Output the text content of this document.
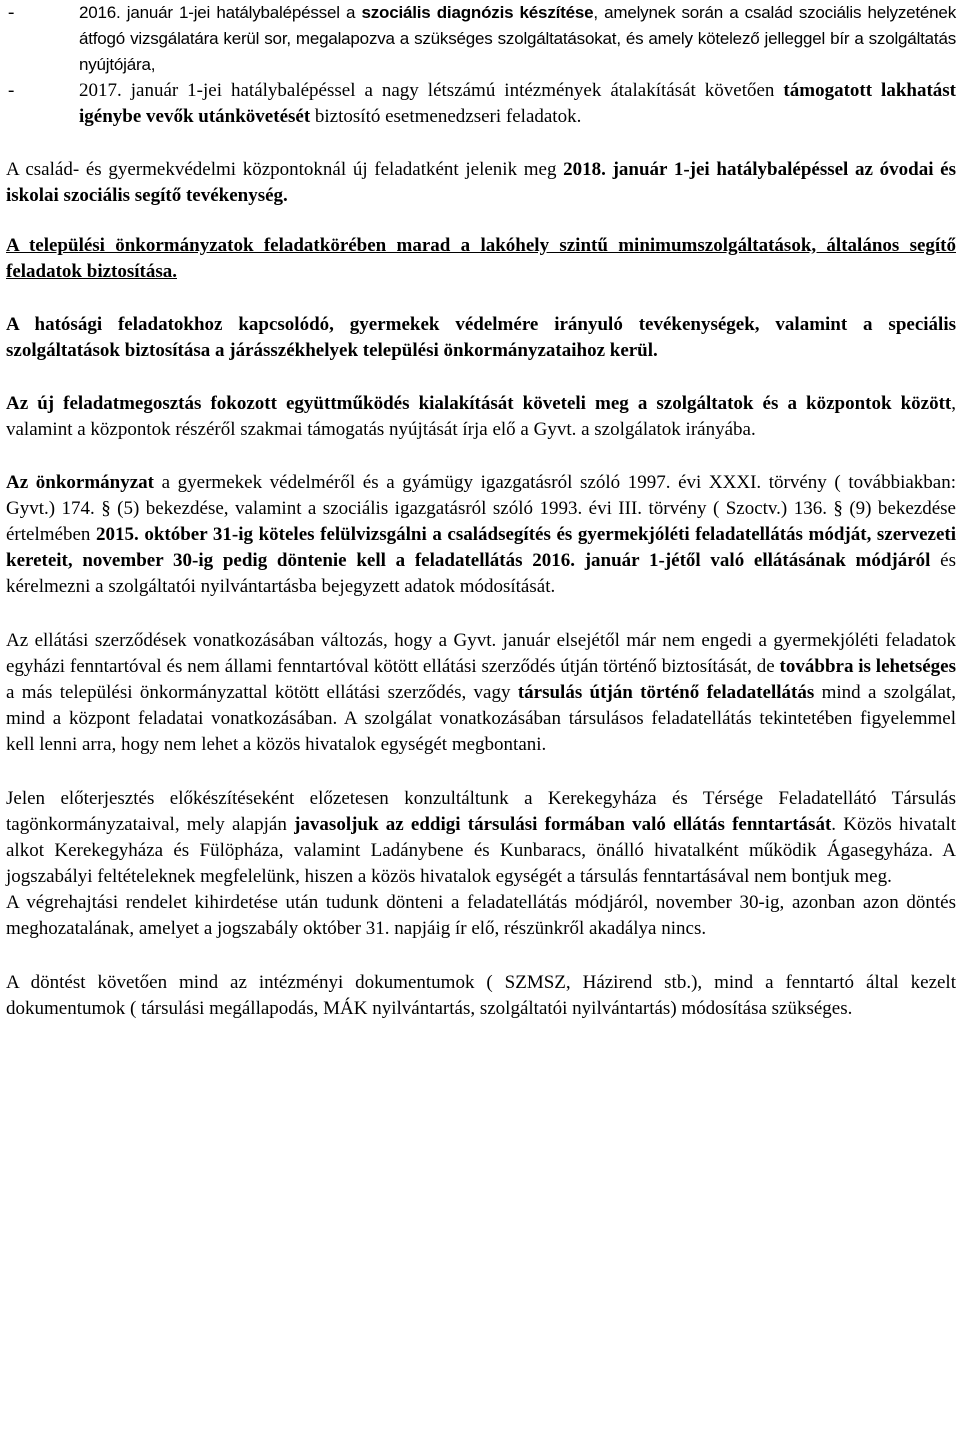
-	2016. január 1-jei hatálybalépéssel a szociális diagnózis készítése, amelynek során a család szociális helyzetének átfogó vizsgálatára kerül sor, megalapozva a szükséges szolgáltatásokat, és amely kötelező jelleggel bír a szolgáltatás nyújtójára,
-	2017. január 1-jei hatálybalépéssel a nagy létszámú intézmények átalakítását követően támogatott lakhatást igénybe vevők utánkövetését biztosító esetmenedzseri feladatok.

A család- és gyermekvédelmi központoknál új feladatként jelenik meg 2018. január 1-jei hatálybalépéssel az óvodai és iskolai szociális segítő tevékenység.

A települési önkormányzatok feladatkörében marad a lakóhely szintű minimumszolgáltatások, általános segítő feladatok biztosítása.

A hatósági feladatokhoz kapcsolódó, gyermekek védelmére irányuló tevékenységek, valamint a speciális szolgáltatások biztosítása a járásszékhelyek települési önkormányzataihoz kerül.

Az új feladatmegosztás fokozott együttműködés kialakítását követeli meg a szolgáltatok és a központok között, valamint a központok részéről szakmai támogatás nyújtását írja elő a Gyvt. a szolgálatok irányába.

Az önkormányzat a gyermekek védelméről és a gyámügy igazgatásról szóló 1997. évi XXXI. törvény ( továbbiakban: Gyvt.) 174. § (5) bekezdése, valamint a szociális igazgatásról szóló 1993. évi III. törvény ( Szoctv.) 136. § (9) bekezdése értelmében 2015. október 31-ig köteles felülvizsgálni a családsegítés és gyermekjóléti feladatellátás módját, szervezeti kereteit, november 30-ig pedig döntenie kell a feladatellátás 2016. január 1-jétől való ellátásának módjáról és kérelmezni a szolgáltatói nyilvántartásba bejegyzett adatok módosítását.

Az ellátási szerződések vonatkozásában változás, hogy a Gyvt. január elsejétől már nem engedi a gyermekjóléti feladatok egyházi fenntartóval és nem állami fenntartóval kötött ellátási szerződés útján történő biztosítását, de továbbra is lehetséges a más települési önkormányzattal kötött ellátási szerződés, vagy társulás útján történő feladatellátás mind a szolgálat, mind a központ feladatai vonatkozásában. A szolgálat vonatkozásában társulásos feladatellátás tekintetében figyelemmel kell lenni arra, hogy nem lehet a közös hivatalok egységét megbontani.

Jelen előterjesztés előkészítéseként előzetesen konzultáltunk a Kerekegyháza és Térsége Feladatellátó Társulás tagönkormányzataival, mely alapján javasoljuk az eddigi társulási formában való ellátás fenntartását. Közös hivatalt alkot Kerekegyháza és Fülöpháza, valamint Ladánybene és Kunbaracs, önálló hivatalként működik Ágasegyháza. A jogszabályi feltételeknek megfelelünk, hiszen a közös hivatalok egységét a társulás fenntartásával nem bontjuk meg.

A végrehajtási rendelet kihirdetése után tudunk dönteni a feladatellátás módjáról, november 30-ig, azonban azon döntés meghozatalának, amelyet a jogszabály október 31. napjáig ír elő, részünkről akadálya nincs.

A döntést követően mind az intézményi dokumentumok ( SZMSZ, Házirend stb.), mind a fenntartó által kezelt dokumentumok ( társulási megállapodás, MÁK nyilvántartás, szolgáltatói nyilvántartás) módosítása szükséges.
